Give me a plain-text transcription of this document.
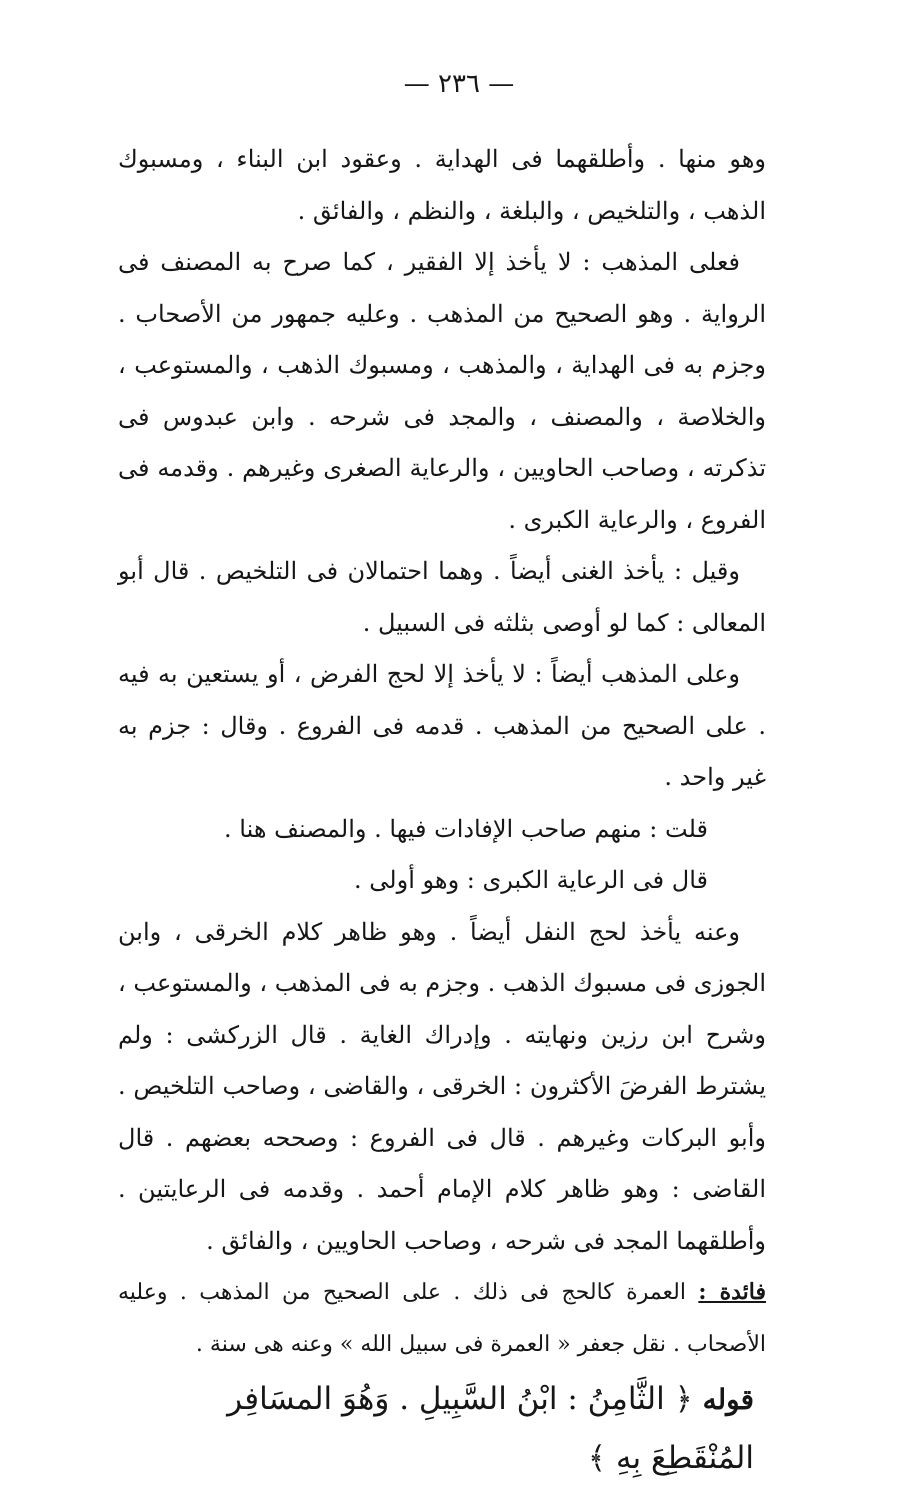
— ٢٣٦ —

وهو منها . وأطلقهما فى الهداية . وعقود ابن البناء ، ومسبوك الذهب ، والتلخيص ، والبلغة ، والنظم ، والفائق .

فعلى المذهب : لا يأخذ إلا الفقير ، كما صرح به المصنف فى الرواية . وهو الصحيح من المذهب . وعليه جمهور من الأصحاب . وجزم به فى الهداية ، والمذهب ، ومسبوك الذهب ، والمستوعب ، والخلاصة ، والمصنف ، والمجد فى شرحه . وابن عبدوس فى تذكرته ، وصاحب الحاويين ، والرعاية الصغرى وغيرهم . وقدمه فى الفروع ، والرعاية الكبرى .

وقيل : يأخذ الغنى أيضاً . وهما احتمالان فى التلخيص . قال أبو المعالى : كما لو أوصى بثلثه فى السبيل .

وعلى المذهب أيضاً : لا يأخذ إلا لحج الفرض ، أو يستعين به فيه . على الصحيح من المذهب . قدمه فى الفروع . وقال : جزم به غير واحد .

قلت : منهم صاحب الإفادات فيها . والمصنف هنا .

قال فى الرعاية الكبرى : وهو أولى .

وعنه يأخذ لحج النفل أيضاً . وهو ظاهر كلام الخرقى ، وابن الجوزى فى مسبوك الذهب . وجزم به فى المذهب ، والمستوعب ، وشرح ابن رزين ونهايته . وإدراك الغاية . قال الزركشى : ولم يشترط الفرضَ الأكثرون : الخرقى ، والقاضى ، وصاحب التلخيص . وأبو البركات وغيرهم . قال فى الفروع : وصححه بعضهم . قال القاضى : وهو ظاهر كلام الإمام أحمد . وقدمه فى الرعايتين . وأطلقهما المجد فى شرحه ، وصاحب الحاويين ، والفائق .

فائدة : العمرة كالحج فى ذلك . على الصحيح من المذهب . وعليه الأصحاب . نقل جعفر « العمرة فى سبيل الله » وعنه هى سنة .

قوله ﴿ الثَّامِنُ : ابْنُ السَّبِيلِ . وَهُوَ المسَافِر المُنْقَطِعَ بِهِ ﴾
